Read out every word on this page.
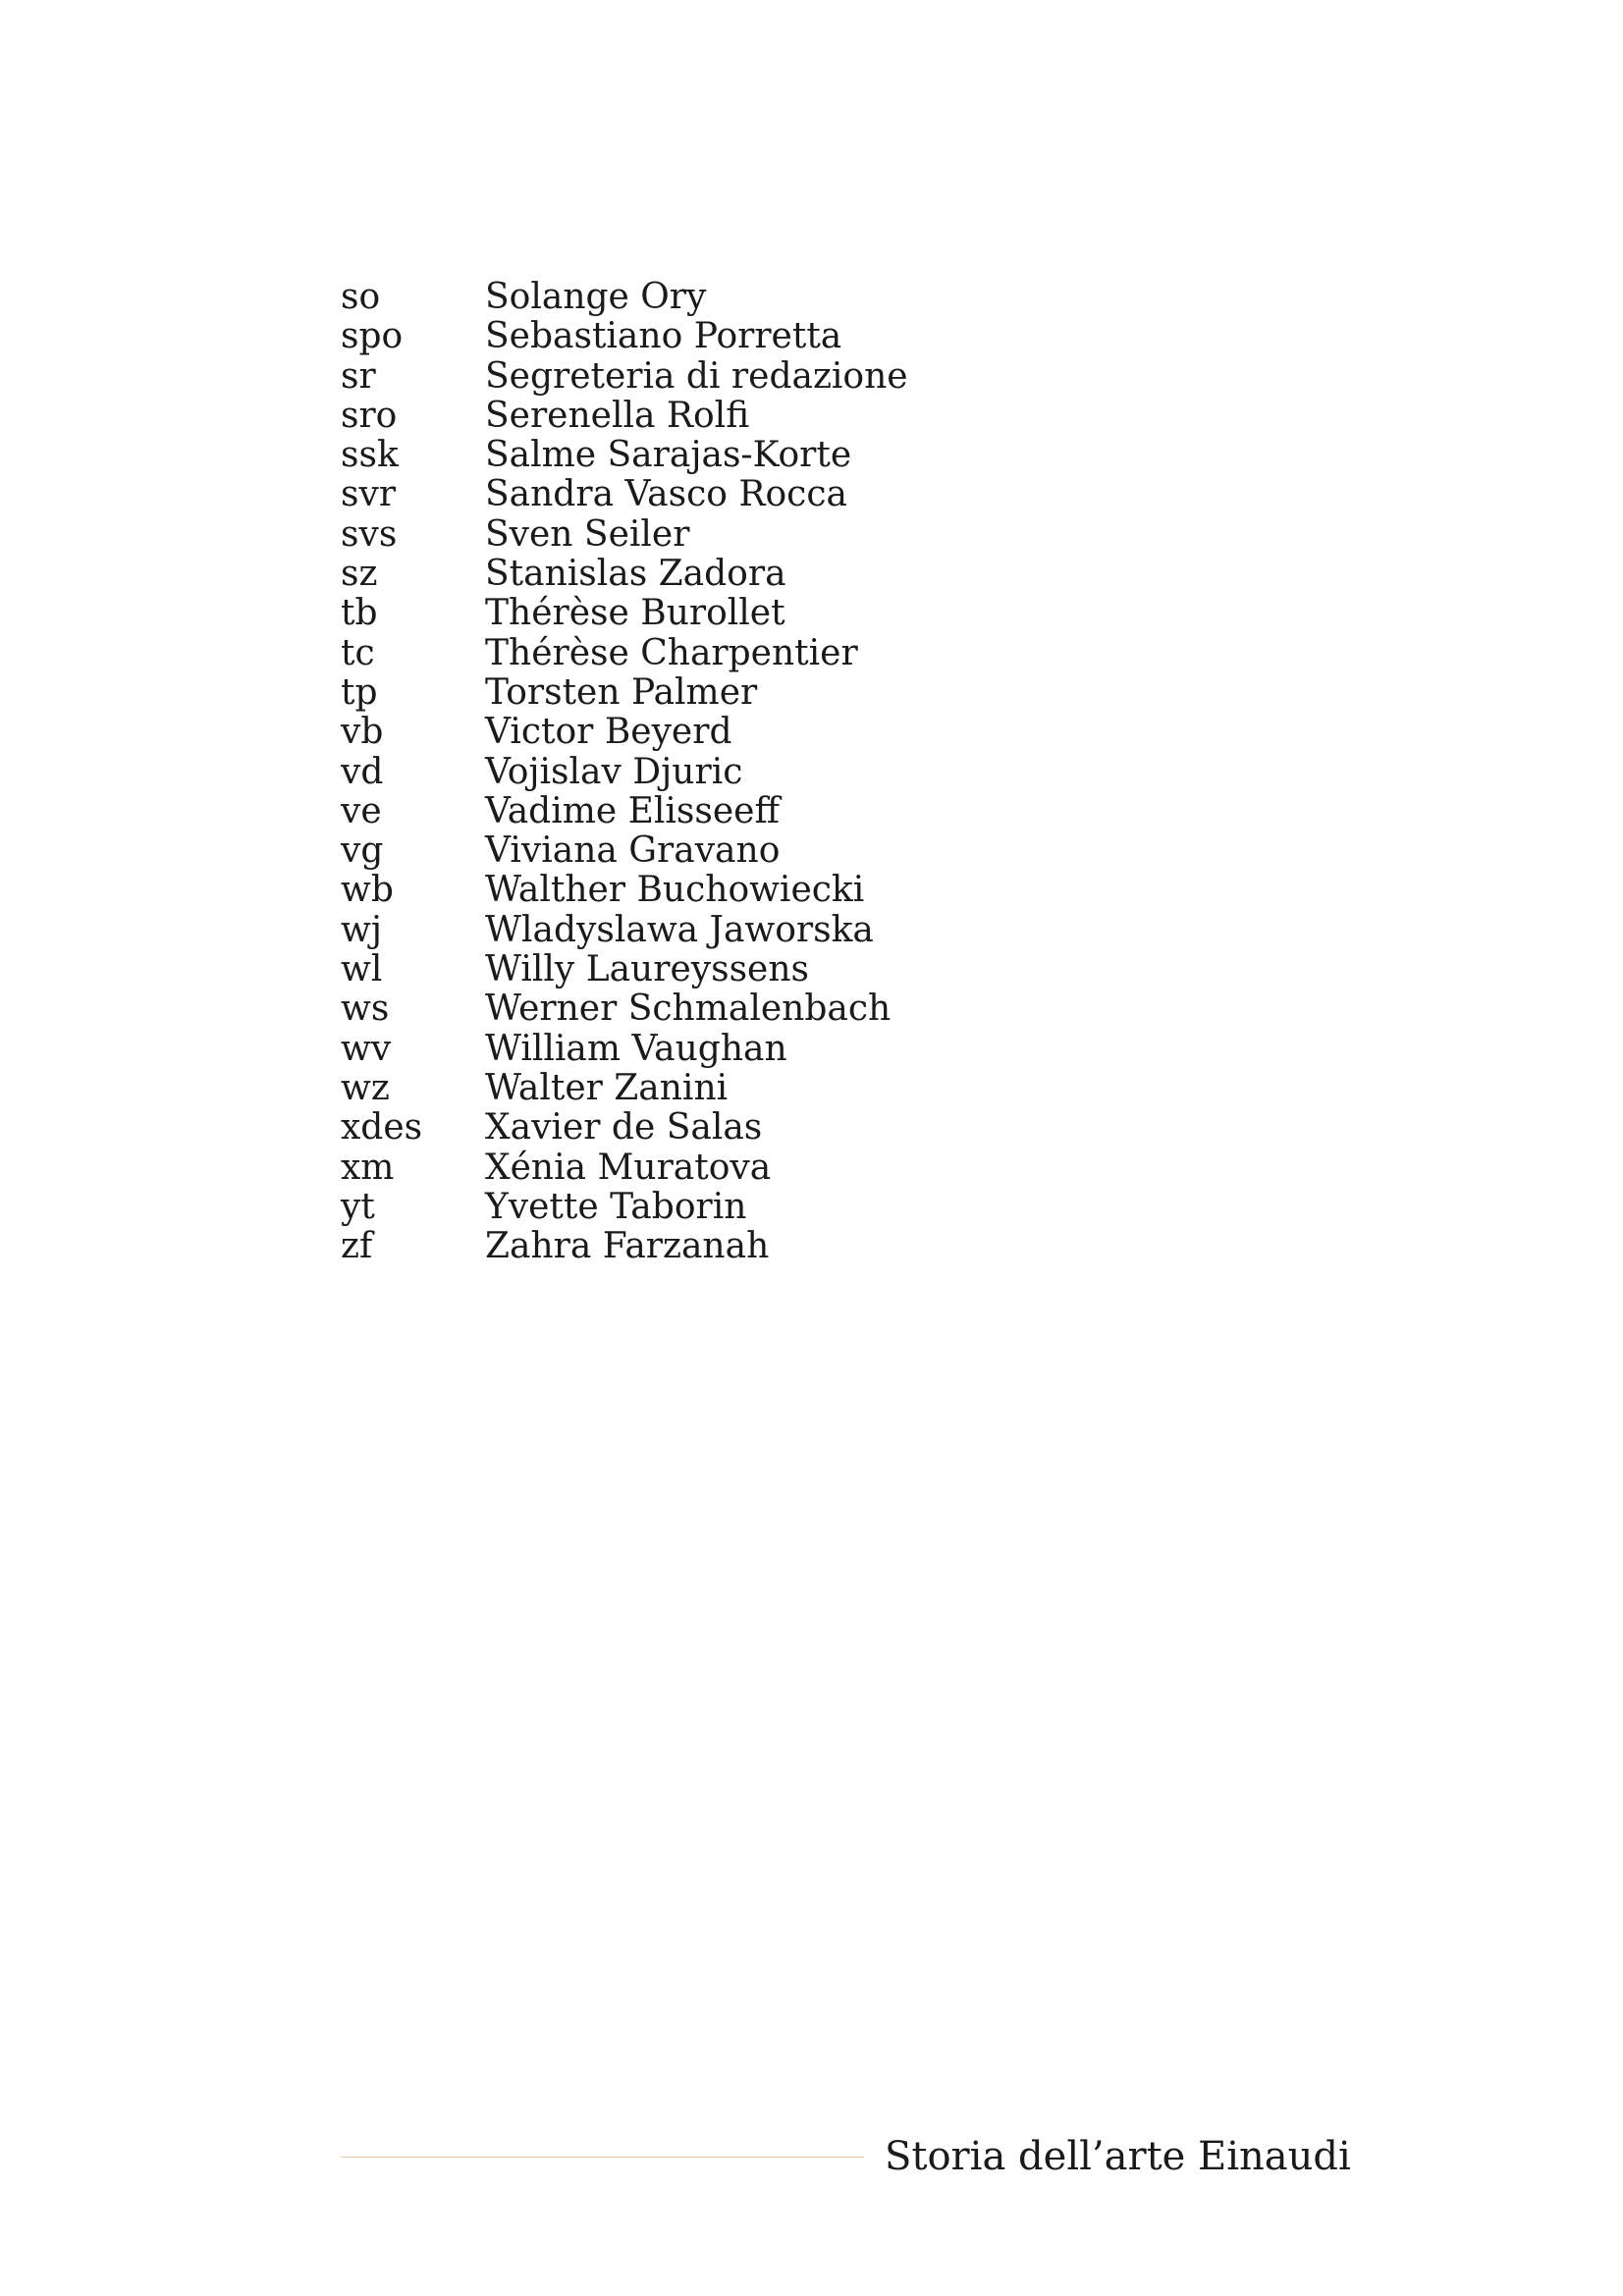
so	Solange Ory
spo	Sebastiano Porretta
sr	Segreteria di redazione
sro	Serenella Rolfi
ssk	Salme Sarajas-Korte
svr	Sandra Vasco Rocca
svs	Sven Seiler
sz	Stanislas Zadora
tb	Thérèse Burollet
tc	Thérèse Charpentier
tp	Torsten Palmer
vb	Victor Beyerd
vd	Vojislav Djuric
ve	Vadime Elisseeff
vg	Viviana Gravano
wb	Walther Buchowiecki
wj	Wladyslawa Jaworska
wl	Willy Laureyssens
ws	Werner Schmalenbach
wv	William Vaughan
wz	Walter Zanini
xdes	Xavier de Salas
xm	Xénia Muratova
yt	Yvette Taborin
zf	Zahra Farzanah
Storia dell’arte Einaudi
